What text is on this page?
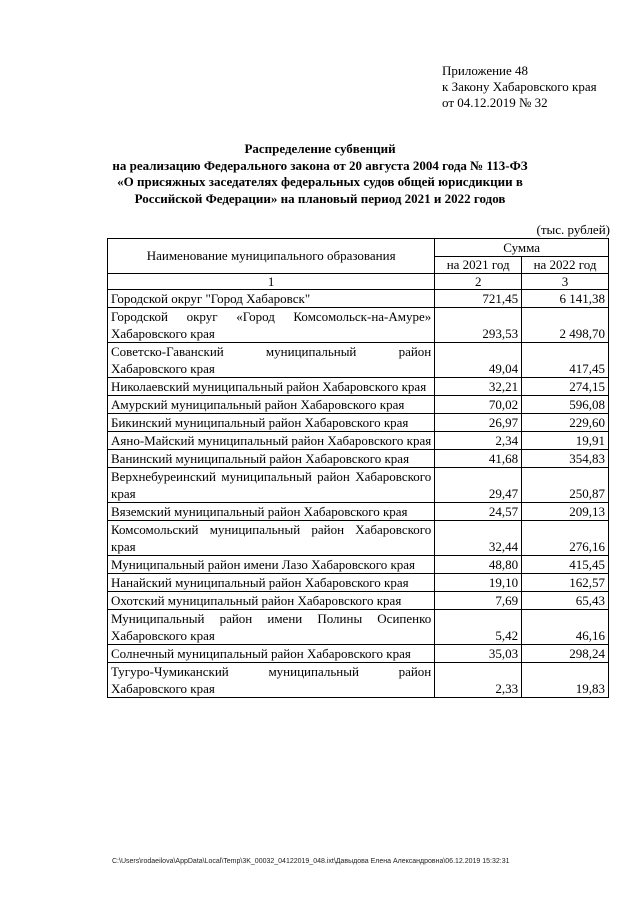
Приложение 48
к Закону Хабаровского края
от 04.12.2019 № 32
Распределение субвенций
на реализацию Федерального закона от 20 августа 2004 года № 113-ФЗ
«О присяжных заседателях федеральных судов общей юрисдикции в
Российской Федерации» на плановый период 2021 и 2022 годов
(тыс. рублей)
Наименование муниципального образования	Сумма	
	на 2021 год	на 2022 год
1	2	3
Городской округ "Город Хабаровск"	721,45	6 141,38
Городской округ «Город Комсомольск-на-Амуре» Хабаровского края	293,53	2 498,70
Советско-Гаванский муниципальный район Хабаровского края	49,04	417,45
Николаевский муниципальный район Хабаровского края	32,21	274,15
Амурский муниципальный район Хабаровского края	70,02	596,08
Бикинский муниципальный район Хабаровского края	26,97	229,60
Аяно-Майский муниципальный район Хабаровского края	2,34	19,91
Ванинский муниципальный район Хабаровского края	41,68	354,83
Верхнебуреинский муниципальный район Хабаровского края	29,47	250,87
Вяземский муниципальный район Хабаровского края	24,57	209,13
Комсомольский муниципальный район Хабаровского края	32,44	276,16
Муниципальный район имени Лазо Хабаровского края	48,80	415,45
Нанайский муниципальный район Хабаровского края	19,10	162,57
Охотский муниципальный район Хабаровского края	7,69	65,43
Муниципальный район имени Полины Осипенко Хабаровского края	5,42	46,16
Солнечный муниципальный район Хабаровского края	35,03	298,24
Тугуро-Чумиканский муниципальный район Хабаровского края	2,33	19,83
C:\Users\rodaeilova\AppData\Local\Temp\3K_00032_04122019_048.ixt\Давыдова Елена Александровна\06.12.2019 15:32:31
